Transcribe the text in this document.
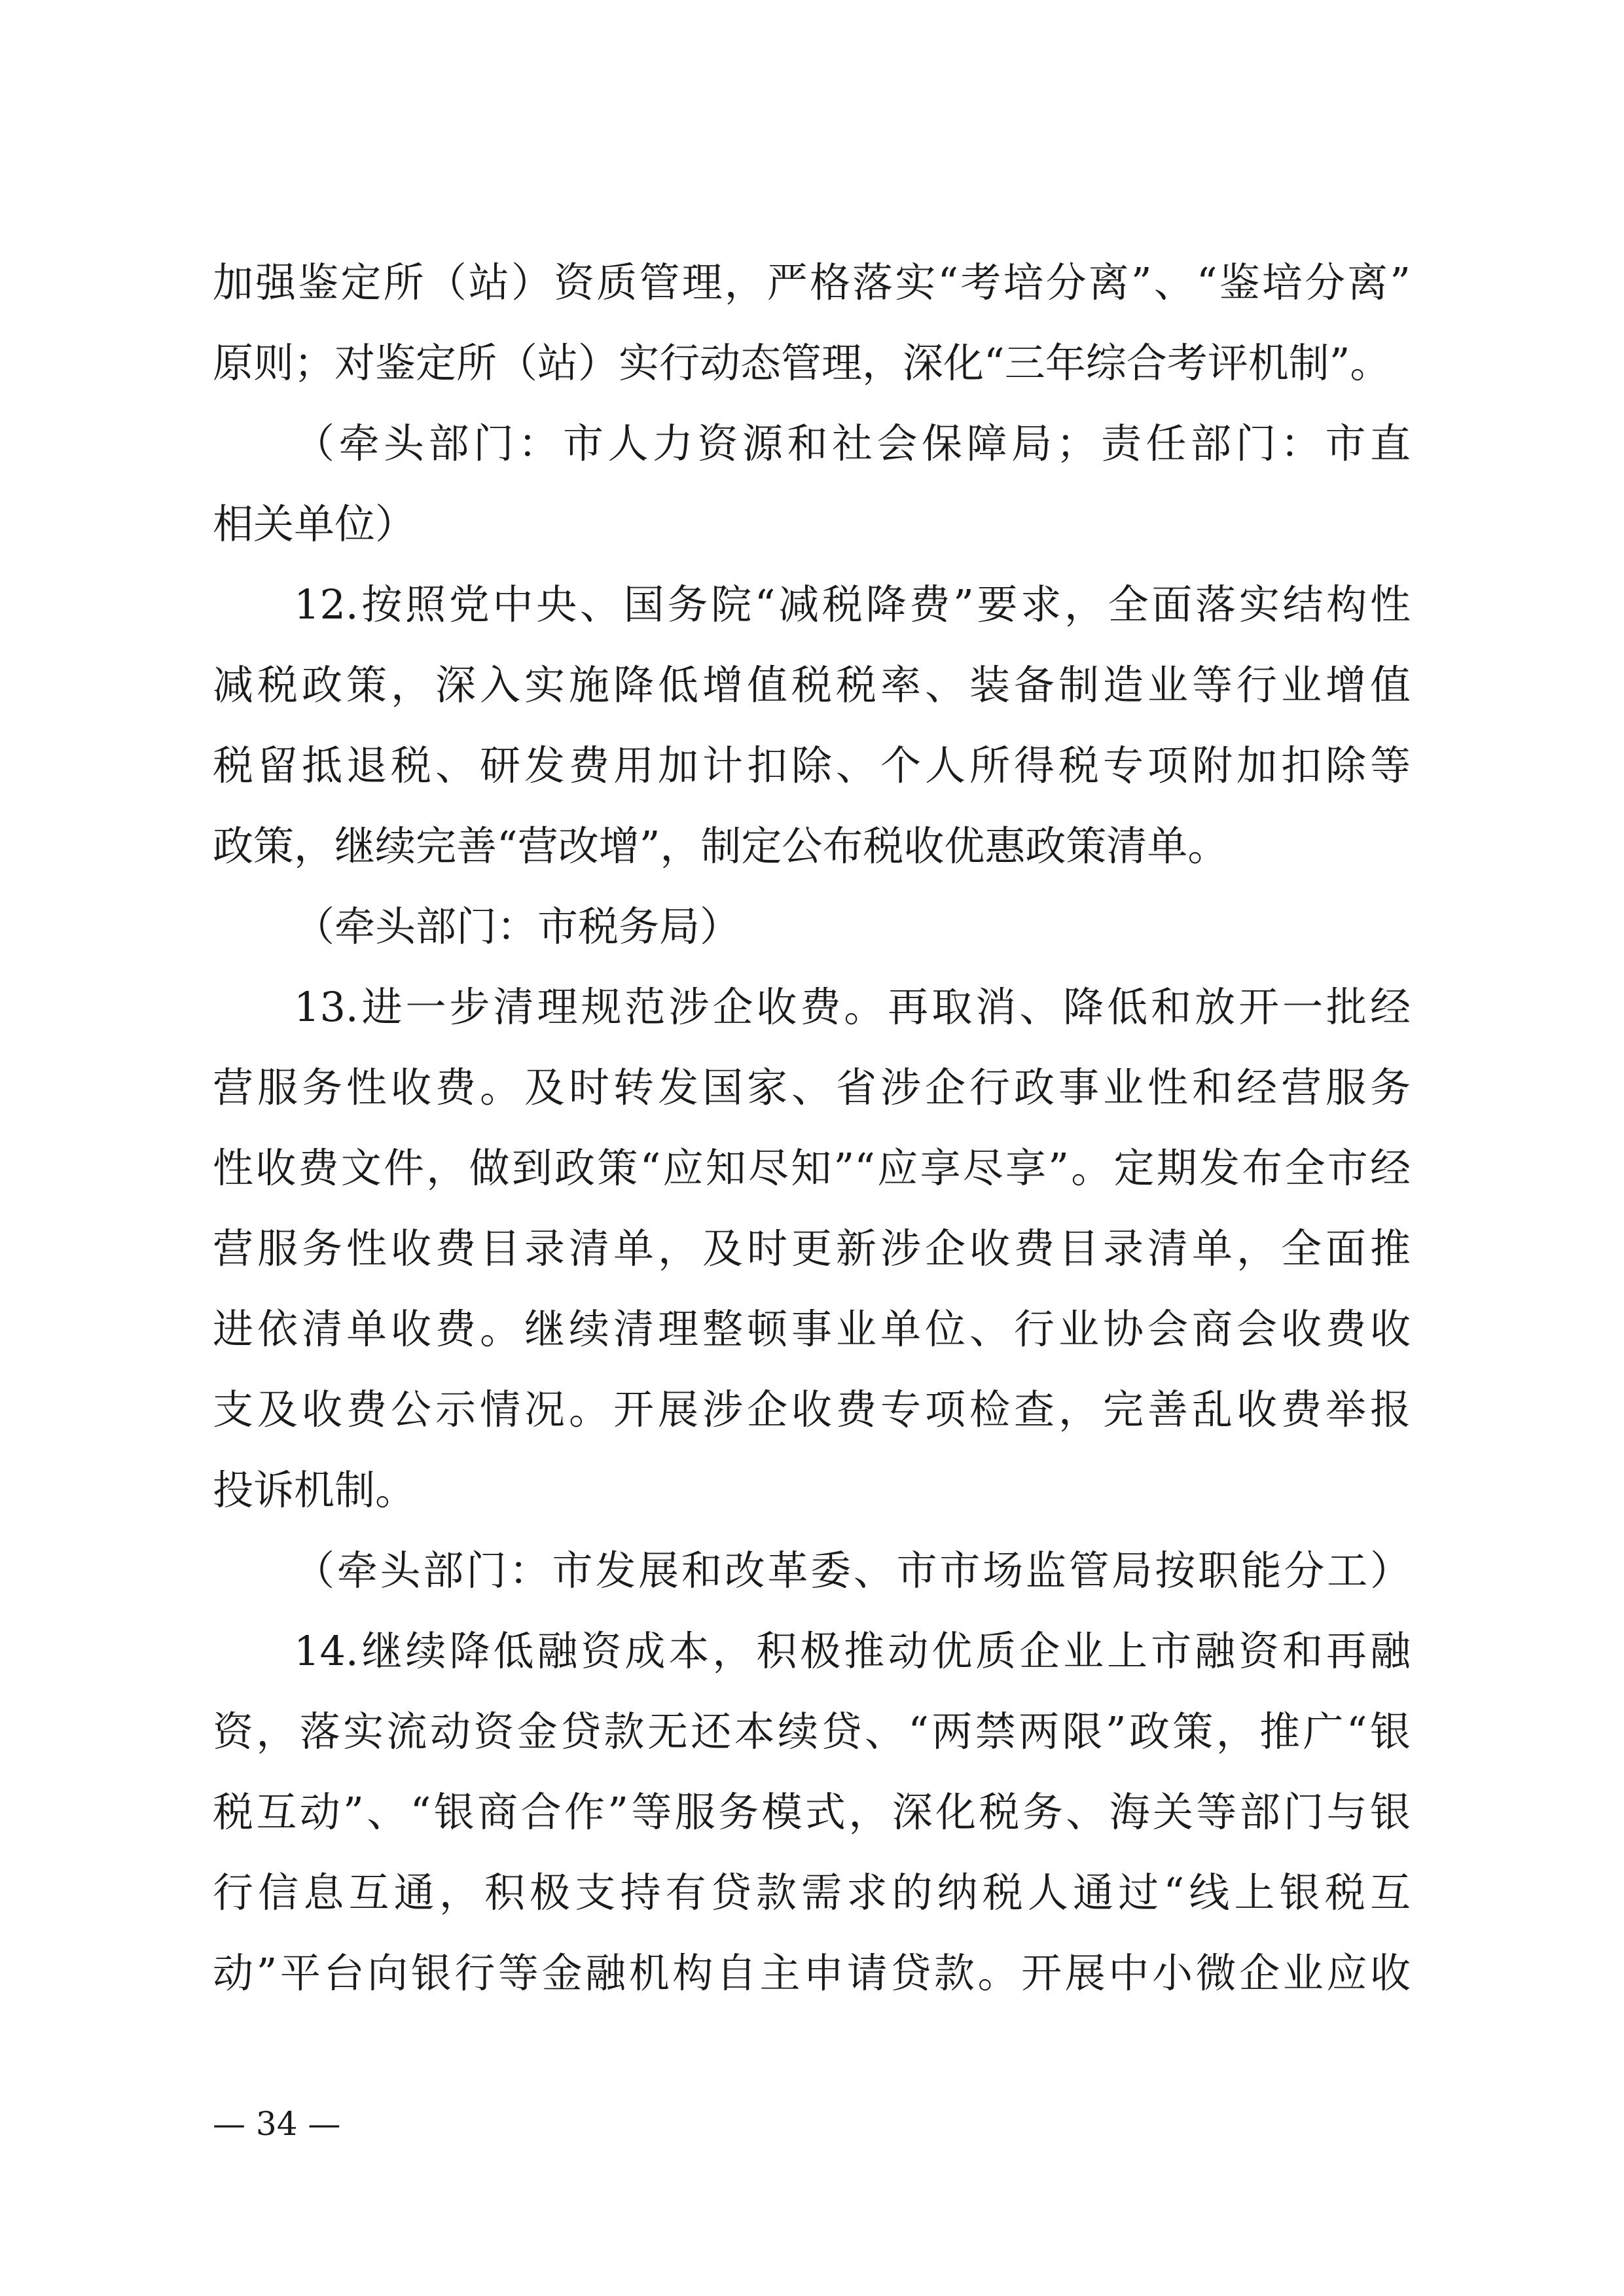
加强鉴定所（站）资质管理，严格落实“考培分离”、“鉴培分离”
原则；对鉴定所（站）实行动态管理，深化“三年综合考评机制”。
（牵头部门：市人力资源和社会保障局；责任部门：市直
相关单位）
12.按照党中央、国务院“减税降费”要求，全面落实结构性
减税政策，深入实施降低增值税税率、装备制造业等行业增值
税留抵退税、研发费用加计扣除、个人所得税专项附加扣除等
政策，继续完善“营改增”，制定公布税收优惠政策清单。
（牵头部门：市税务局）
13.进一步清理规范涉企收费。再取消、降低和放开一批经
营服务性收费。及时转发国家、省涉企行政事业性和经营服务
性收费文件，做到政策“应知尽知”“应享尽享”。定期发布全市经
营服务性收费目录清单，及时更新涉企收费目录清单，全面推
进依清单收费。继续清理整顿事业单位、行业协会商会收费收
支及收费公示情况。开展涉企收费专项检查，完善乱收费举报
投诉机制。
（牵头部门：市发展和改革委、市市场监管局按职能分工）
14.继续降低融资成本，积极推动优质企业上市融资和再融
资，落实流动资金贷款无还本续贷、“两禁两限”政策，推广“银
税互动”、“银商合作”等服务模式，深化税务、海关等部门与银
行信息互通，积极支持有贷款需求的纳税人通过“线上银税互
动”平台向银行等金融机构自主申请贷款。开展中小微企业应收
— 34 —
